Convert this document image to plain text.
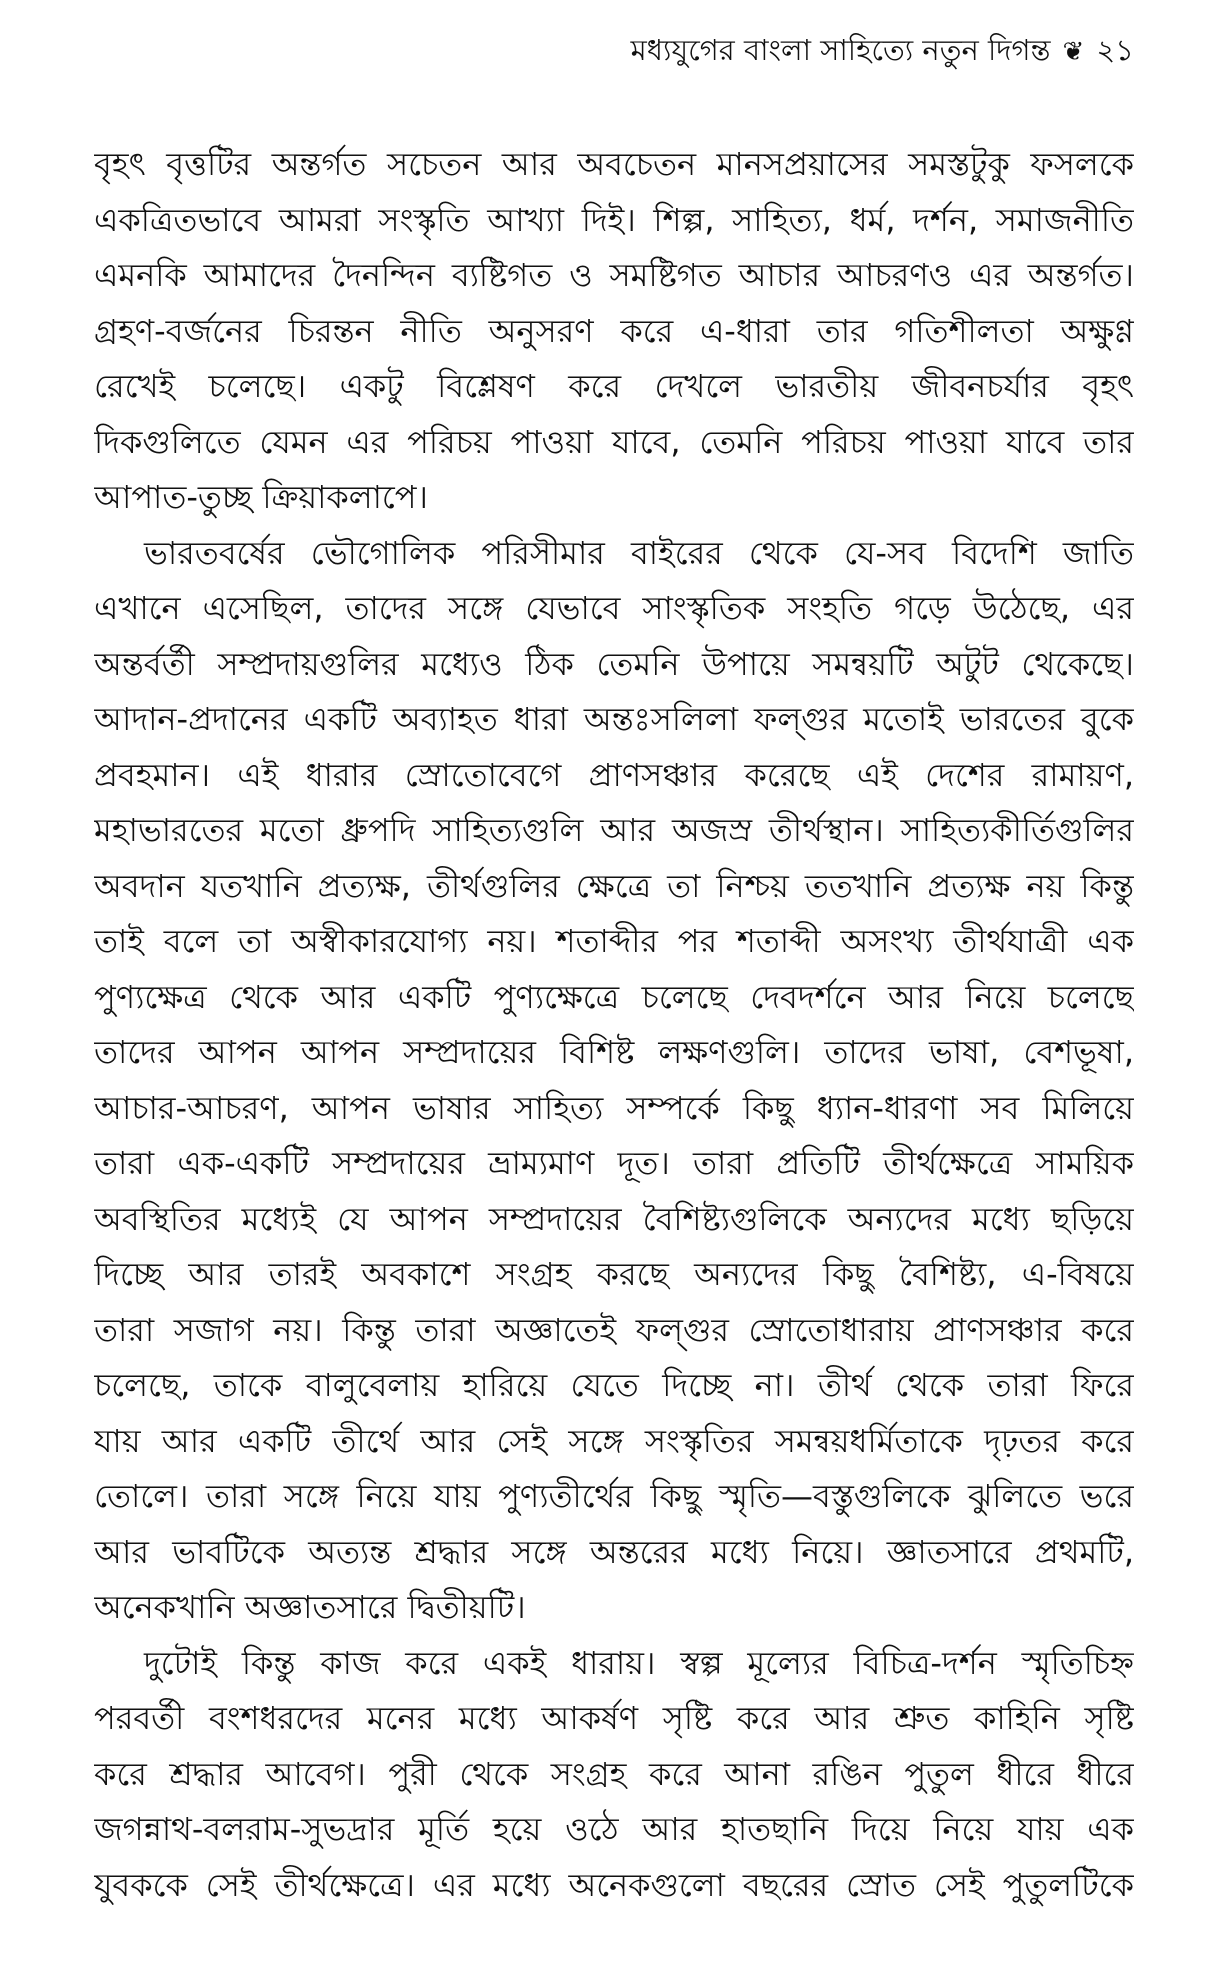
মধ্যযুগের বাংলা সাহিত্যে নতুন দিগন্ত ❦ ২১
বৃহৎ বৃত্তটির অন্তর্গত সচেতন আর অবচেতন মানসপ্রয়াসের সমস্তটুকু ফসলকে
একত্রিতভাবে আমরা সংস্কৃতি আখ্যা দিই। শিল্প, সাহিত্য, ধর্ম, দর্শন, সমাজনীতি
এমনকি আমাদের দৈনন্দিন ব্যষ্টিগত ও সমষ্টিগত আচার আচরণও এর অন্তর্গত।
গ্রহণ-বর্জনের চিরন্তন নীতি অনুসরণ করে এ-ধারা তার গতিশীলতা অক্ষুণ্ণ
রেখেই চলেছে। একটু বিশ্লেষণ করে দেখলে ভারতীয় জীবনচর্যার বৃহৎ
দিকগুলিতে যেমন এর পরিচয় পাওয়া যাবে, তেমনি পরিচয় পাওয়া যাবে তার
আপাত-তুচ্ছ ক্রিয়াকলাপে।
ভারতবর্ষের ভৌগোলিক পরিসীমার বাইরের থেকে যে-সব বিদেশি জাতি
এখানে এসেছিল, তাদের সঙ্গে যেভাবে সাংস্কৃতিক সংহতি গড়ে উঠেছে, এর
অন্তর্বর্তী সম্প্রদায়গুলির মধ্যেও ঠিক তেমনি উপায়ে সমন্বয়টি অটুট থেকেছে।
আদান-প্রদানের একটি অব্যাহত ধারা অন্তঃসলিলা ফল্গুর মতোই ভারতের বুকে
প্রবহমান। এই ধারার স্রোতোবেগে প্রাণসঞ্চার করেছে এই দেশের রামায়ণ,
মহাভারতের মতো ধ্রুপদি সাহিত্যগুলি আর অজস্র তীর্থস্থান। সাহিত্যকীর্তিগুলির
অবদান যতখানি প্রত্যক্ষ, তীর্থগুলির ক্ষেত্রে তা নিশ্চয় ততখানি প্রত্যক্ষ নয় কিন্তু
তাই বলে তা অস্বীকারযোগ্য নয়। শতাব্দীর পর শতাব্দী অসংখ্য তীর্থযাত্রী এক
পুণ্যক্ষেত্র থেকে আর একটি পুণ্যক্ষেত্রে চলেছে দেবদর্শনে আর নিয়ে চলেছে
তাদের আপন আপন সম্প্রদায়ের বিশিষ্ট লক্ষণগুলি। তাদের ভাষা, বেশভূষা,
আচার-আচরণ, আপন ভাষার সাহিত্য সম্পর্কে কিছু ধ্যান-ধারণা সব মিলিয়ে
তারা এক-একটি সম্প্রদায়ের ভ্রাম্যমাণ দূত। তারা প্রতিটি তীর্থক্ষেত্রে সাময়িক
অবস্থিতির মধ্যেই যে আপন সম্প্রদায়ের বৈশিষ্ট্যগুলিকে অন্যদের মধ্যে ছড়িয়ে
দিচ্ছে আর তারই অবকাশে সংগ্রহ করছে অন্যদের কিছু বৈশিষ্ট্য, এ-বিষয়ে
তারা সজাগ নয়। কিন্তু তারা অজ্ঞাতেই ফল্গুর স্রোতোধারায় প্রাণসঞ্চার করে
চলেছে, তাকে বালুবেলায় হারিয়ে যেতে দিচ্ছে না। তীর্থ থেকে তারা ফিরে
যায় আর একটি তীর্থে আর সেই সঙ্গে সংস্কৃতির সমন্বয়ধর্মিতাকে দৃঢ়তর করে
তোলে। তারা সঙ্গে নিয়ে যায় পুণ্যতীর্থের কিছু স্মৃতি—বস্তুগুলিকে ঝুলিতে ভরে
আর ভাবটিকে অত্যন্ত শ্রদ্ধার সঙ্গে অন্তরের মধ্যে নিয়ে। জ্ঞাতসারে প্রথমটি,
অনেকখানি অজ্ঞাতসারে দ্বিতীয়টি।
দুটোই কিন্তু কাজ করে একই ধারায়। স্বল্প মূল্যের বিচিত্র-দর্শন স্মৃতিচিহ্ন
পরবর্তী বংশধরদের মনের মধ্যে আকর্ষণ সৃষ্টি করে আর শ্রুত কাহিনি সৃষ্টি
করে শ্রদ্ধার আবেগ। পুরী থেকে সংগ্রহ করে আনা রঙিন পুতুল ধীরে ধীরে
জগন্নাথ-বলরাম-সুভদ্রার মূর্তি হয়ে ওঠে আর হাতছানি দিয়ে নিয়ে যায় এক
যুবককে সেই তীর্থক্ষেত্রে। এর মধ্যে অনেকগুলো বছরের স্রোত সেই পুতুলটিকে
